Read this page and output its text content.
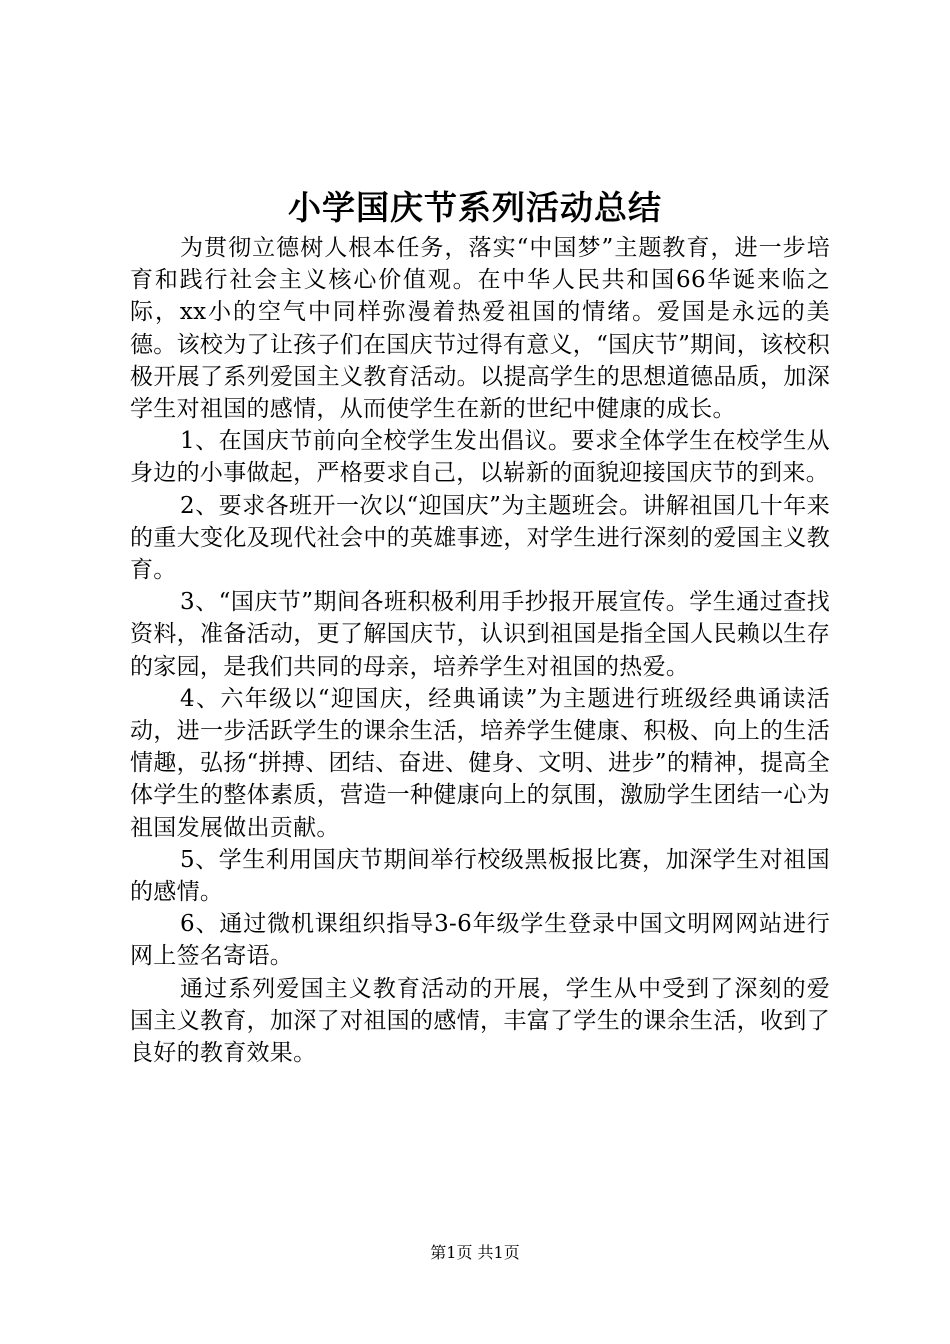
小学国庆节系列活动总结

为贯彻立德树人根本任务，落实“中国梦”主题教育，进一步培育和践行社会主义核心价值观。在中华人民共和国66华诞来临之际，xx小的空气中同样弥漫着热爱祖国的情绪。爱国是永远的美德。该校为了让孩子们在国庆节过得有意义，“国庆节”期间，该校积极开展了系列爱国主义教育活动。以提高学生的思想道德品质，加深学生对祖国的感情，从而使学生在新的世纪中健康的成长。

1、在国庆节前向全校学生发出倡议。要求全体学生在校学生从身边的小事做起，严格要求自己，以崭新的面貌迎接国庆节的到来。

2、要求各班开一次以“迎国庆”为主题班会。讲解祖国几十年来的重大变化及现代社会中的英雄事迹，对学生进行深刻的爱国主义教育。

3、“国庆节”期间各班积极利用手抄报开展宣传。学生通过查找资料，准备活动，更了解国庆节，认识到祖国是指全国人民赖以生存的家园，是我们共同的母亲，培养学生对祖国的热爱。

4、六年级以“迎国庆，经典诵读”为主题进行班级经典诵读活动，进一步活跃学生的课余生活，培养学生健康、积极、向上的生活情趣，弘扬“拼搏、团结、奋进、健身、文明、进步”的精神，提高全体学生的整体素质，营造一种健康向上的氛围，激励学生团结一心为祖国发展做出贡献。

5、学生利用国庆节期间举行校级黑板报比赛，加深学生对祖国的感情。

6、通过微机课组织指导3-6年级学生登录中国文明网网站进行网上签名寄语。

通过系列爱国主义教育活动的开展，学生从中受到了深刻的爱国主义教育，加深了对祖国的感情，丰富了学生的课余生活，收到了良好的教育效果。

第1页 共1页
